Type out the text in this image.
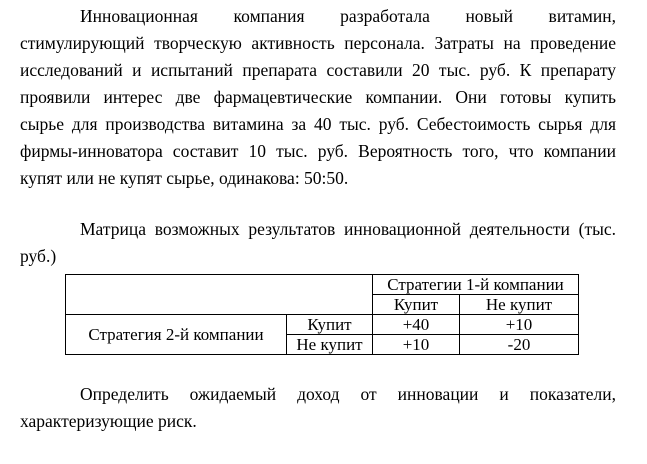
Инновационная компания разработала новый витамин,
стимулирующий творческую активность персонала. Затраты на проведение
исследований и испытаний препарата составили 20 тыс. руб. К препарату
проявили интерес две фармацевтические компании. Они готовы купить
сырье для производства витамина за 40 тыс. руб. Себестоимость сырья для
фирмы-инноватора составит 10 тыс. руб. Вероятность того, что компании
купят или не купят сырье, одинакова: 50:50.
Матрица возможных результатов инновационной деятельности (тыс.
руб.)
		Стратегии 1-й компании	
		Купит	Не купит
Стратегия 2-й компании	Купит	+40	+10
	Не купит	+10	-20
Определить ожидаемый доход от инновации и показатели,
характеризующие риск.
